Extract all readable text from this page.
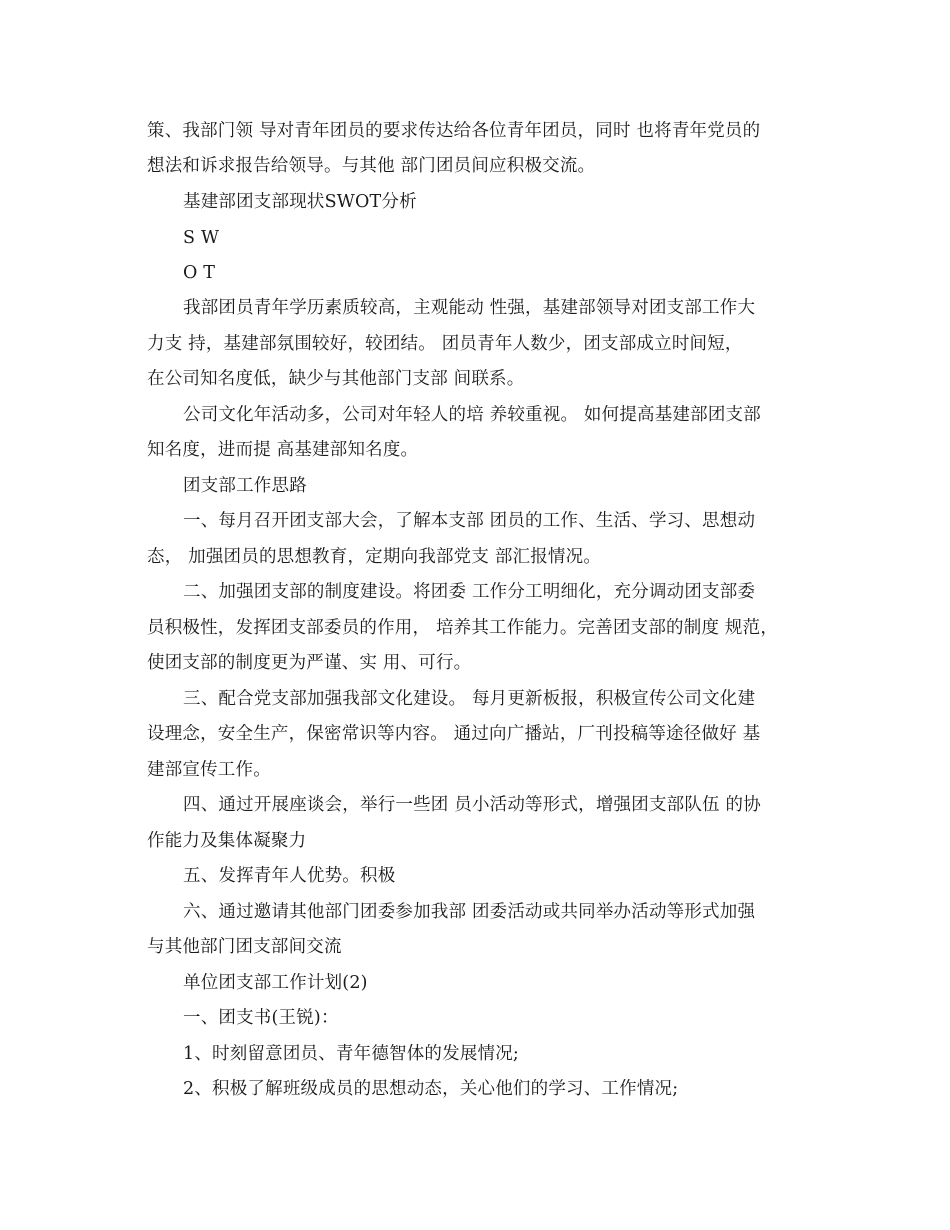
策、我部门领 导对青年团员的要求传达给各位青年团员，同时 也将青年党员的
想法和诉求报告给领导。与其他 部门团员间应积极交流。
基建部团支部现状SWOT分析
S W
O T
我部团员青年学历素质较高，主观能动 性强，基建部领导对团支部工作大
力支 持，基建部氛围较好，较团结。 团员青年人数少，团支部成立时间短，
在公司知名度低，缺少与其他部门支部 间联系。
公司文化年活动多，公司对年轻人的培 养较重视。 如何提高基建部团支部
知名度，进而提 高基建部知名度。
团支部工作思路
一、每月召开团支部大会，了解本支部 团员的工作、生活、学习、思想动
态， 加强团员的思想教育，定期向我部党支 部汇报情况。
二、加强团支部的制度建设。将团委 工作分工明细化，充分调动团支部委
员积极性，发挥团支部委员的作用， 培养其工作能力。完善团支部的制度 规范，
使团支部的制度更为严谨、实 用、可行。
三、配合党支部加强我部文化建设。 每月更新板报，积极宣传公司文化建
设理念，安全生产，保密常识等内容。 通过向广播站，厂刊投稿等途径做好 基
建部宣传工作。
四、通过开展座谈会，举行一些团 员小活动等形式，增强团支部队伍 的协
作能力及集体凝聚力
五、发挥青年人优势。积极
六、通过邀请其他部门团委参加我部 团委活动或共同举办活动等形式加强
与其他部门团支部间交流
单位团支部工作计划(2)
一、团支书(王锐)：
1、时刻留意团员、青年德智体的发展情况;
2、积极了解班级成员的思想动态，关心他们的学习、工作情况;
